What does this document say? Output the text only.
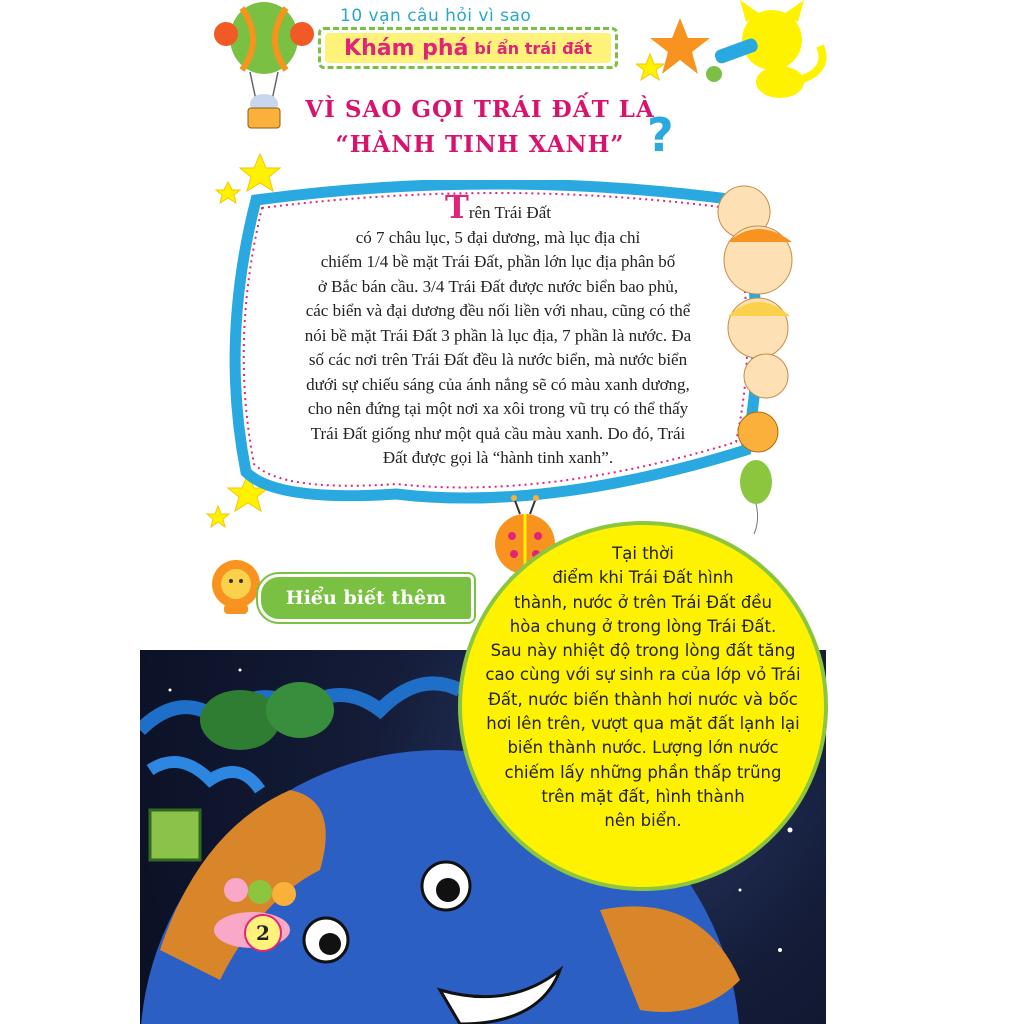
10 vạn câu hỏi vì sao
Khám phá bí ẩn trái đất
VÌ SAO GỌI TRÁI ĐẤT LÀ
“HÀNH TINH XANH” ?
Trên Trái Đất
có 7 châu lục, 5 đại dương, mà lục địa chỉ
chiếm 1/4 bề mặt Trái Đất, phần lớn lục địa phân bố
ở Bắc bán cầu. 3/4 Trái Đất được nước biển bao phủ,
các biển và đại dương đều nối liền với nhau, cũng có thể
nói bề mặt Trái Đất 3 phần là lục địa, 7 phần là nước. Đa
số các nơi trên Trái Đất đều là nước biển, mà nước biển
dưới sự chiếu sáng của ánh nắng sẽ có màu xanh dương,
cho nên đứng tại một nơi xa xôi trong vũ trụ có thể thấy
Trái Đất giống như một quả cầu màu xanh. Do đó, Trái
Đất được gọi là “hành tinh xanh”.
Hiểu biết thêm
Tại thời
điểm khi Trái Đất hình
thành, nước ở trên Trái Đất đều
hòa chung ở trong lòng Trái Đất.
Sau này nhiệt độ trong lòng đất tăng
cao cùng với sự sinh ra của lớp vỏ Trái
Đất, nước biến thành hơi nước và bốc
hơi lên trên, vượt qua mặt đất lạnh lại
biến thành nước. Lượng lớn nước
chiếm lấy những phần thấp trũng
trên mặt đất, hình thành
nên biển.
2
